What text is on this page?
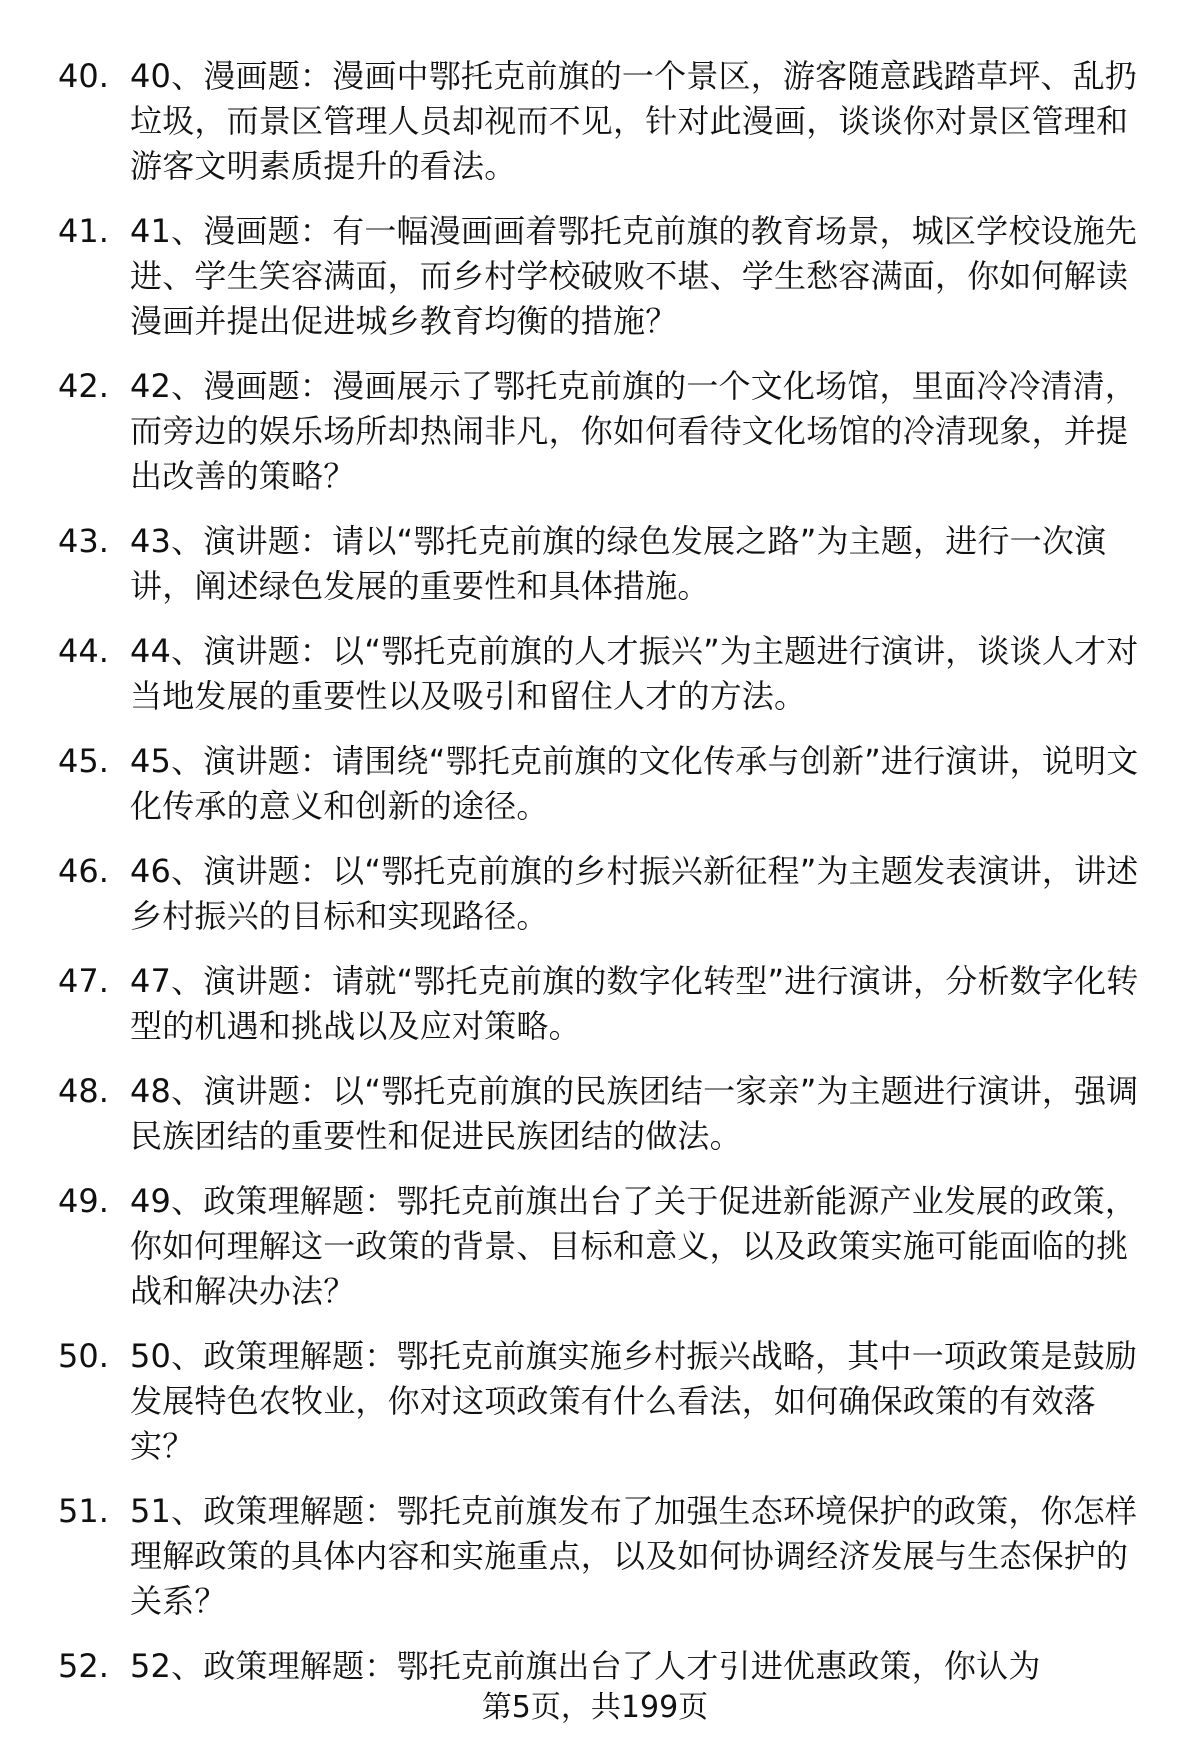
40. 40、漫画题：漫画中鄂托克前旗的一个景区，游客随意践踏草坪、乱扔垃圾，而景区管理人员却视而不见，针对此漫画，谈谈你对景区管理和游客文明素质提升的看法。
41. 41、漫画题：有一幅漫画画着鄂托克前旗的教育场景，城区学校设施先进、学生笑容满面，而乡村学校破败不堪、学生愁容满面，你如何解读漫画并提出促进城乡教育均衡的措施？
42. 42、漫画题：漫画展示了鄂托克前旗的一个文化场馆，里面冷冷清清，而旁边的娱乐场所却热闹非凡，你如何看待文化场馆的冷清现象，并提出改善的策略？
43. 43、演讲题：请以“鄂托克前旗的绿色发展之路”为主题，进行一次演讲，阐述绿色发展的重要性和具体措施。
44. 44、演讲题：以“鄂托克前旗的人才振兴”为主题进行演讲，谈谈人才对当地发展的重要性以及吸引和留住人才的方法。
45. 45、演讲题：请围绕“鄂托克前旗的文化传承与创新”进行演讲，说明文化传承的意义和创新的途径。
46. 46、演讲题：以“鄂托克前旗的乡村振兴新征程”为主题发表演讲，讲述乡村振兴的目标和实现路径。
47. 47、演讲题：请就“鄂托克前旗的数字化转型”进行演讲，分析数字化转型的机遇和挑战以及应对策略。
48. 48、演讲题：以“鄂托克前旗的民族团结一家亲”为主题进行演讲，强调民族团结的重要性和促进民族团结的做法。
49. 49、政策理解题：鄂托克前旗出台了关于促进新能源产业发展的政策，你如何理解这一政策的背景、目标和意义，以及政策实施可能面临的挑战和解决办法？
50. 50、政策理解题：鄂托克前旗实施乡村振兴战略，其中一项政策是鼓励发展特色农牧业，你对这项政策有什么看法，如何确保政策的有效落实？
51. 51、政策理解题：鄂托克前旗发布了加强生态环境保护的政策，你怎样理解政策的具体内容和实施重点，以及如何协调经济发展与生态保护的关系？
52. 52、政策理解题：鄂托克前旗出台了人才引进优惠政策，你认为
第5页，共199页
